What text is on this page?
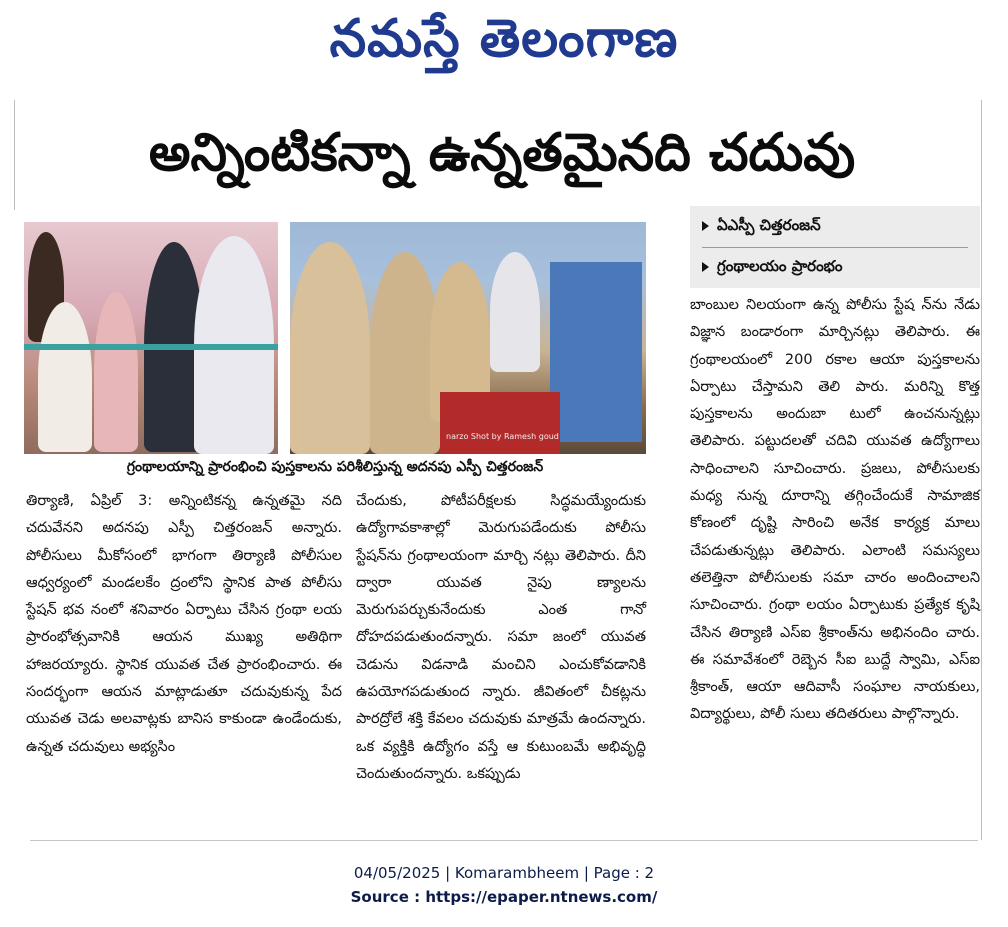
నమస్తే తెలంగాణ
అన్నింటికన్నా ఉన్నతమైనది చదువు
narzo Shot by Ramesh goud
గ్రంథాలయాన్ని ప్రారంభించి పుస్తకాలను పరిశీలిస్తున్న అదనపు ఎస్పీ చిత్తరంజన్
ఏఎస్పీ చిత్తరంజన్
గ్రంథాలయం ప్రారంభం

తిర్యాణి, ఏప్రిల్ 3: అన్నింటికన్న ఉన్నతమై నది చదువేనని అదనపు ఎస్పీ చిత్తరంజన్ అన్నారు. పోలీసులు మీకోసంలో భాగంగా తిర్యాణి పోలీసుల ఆధ్వర్యంలో మండలకేం ద్రంలోని స్థానిక పాత పోలీసు స్టేషన్ భవ నంలో శనివారం ఏర్పాటు చేసిన గ్రంథా లయ ప్రారంభోత్సవానికి ఆయన ముఖ్య అతిథిగా హాజరయ్యారు. స్థానిక యువత చేత ప్రారంభించారు. ఈ సందర్భంగా ఆయన మాట్లాడుతూ చదువుకున్న పేద యువత చెడు అలవాట్లకు బానిస కాకుండా ఉండేందుకు, ఉన్నత చదువులు అభ్యసిం

చేందుకు, పోటీపరీక్షలకు సిద్ధమయ్యేందుకు ఉద్యోగావకాశాల్లో మెరుగుపడేందుకు పోలీసు స్టేషన్‌ను గ్రంథాలయంగా మార్చి నట్లు తెలిపారు. దీని ద్వారా యువత నైపు ణ్యాలను మెరుగుపర్చుకునేందుకు ఎంత గానో దోహదపడుతుందన్నారు. సమా జంలో యువత చెడును విడనాడి మంచిని ఎంచుకోవడానికి ఉపయోగపడుతుంద న్నారు. జీవితంలో చీకట్లను పారద్రోలే శక్తి కేవలం చదువుకు మాత్రమే ఉందన్నారు. ఒక వ్యక్తికి ఉద్యోగం వస్తే ఆ కుటుంబమే అభివృద్ధి చెందుతుందన్నారు. ఒకప్పుడు

బాంబుల నిలయంగా ఉన్న పోలీసు స్టేష న్‌ను నేడు విజ్ఞాన బండారంగా మార్చినట్లు తెలిపారు. ఈ గ్రంథాలయంలో 200 రకాల ఆయా పుస్తకాలను ఏర్పాటు చేస్తామని తెలి పారు. మరిన్ని కొత్త పుస్తకాలను అందుబా టులో ఉంచనున్నట్లు తెలిపారు. పట్టుదలతో చదివి యువత ఉద్యోగాలు సాధించాలని సూచించారు. ప్రజలు, పోలీసులకు మధ్య నున్న దూరాన్ని తగ్గించేందుకే సామాజిక కోణంలో దృష్టి సారించి అనేక కార్యక్ర మాలు చేపడుతున్నట్లు తెలిపారు. ఎలాంటి సమస్యలు తలెత్తినా పోలీసులకు సమా చారం అందించాలని సూచించారు. గ్రంథా లయం ఏర్పాటుకు ప్రత్యేక కృషి చేసిన తిర్యాణి ఎస్ఐ శ్రీకాంత్‌ను అభినందిం చారు. ఈ సమావేశంలో రెబ్బెన సీఐ బుద్దే స్వామి, ఎస్ఐ శ్రీకాంత్, ఆయా ఆదివాసీ సంఘాల నాయకులు, విద్యార్థులు, పోలీ సులు తదితరులు పాల్గొన్నారు.

04/05/2025 | Komarambheem | Page : 2
Source : https://epaper.ntnews.com/
